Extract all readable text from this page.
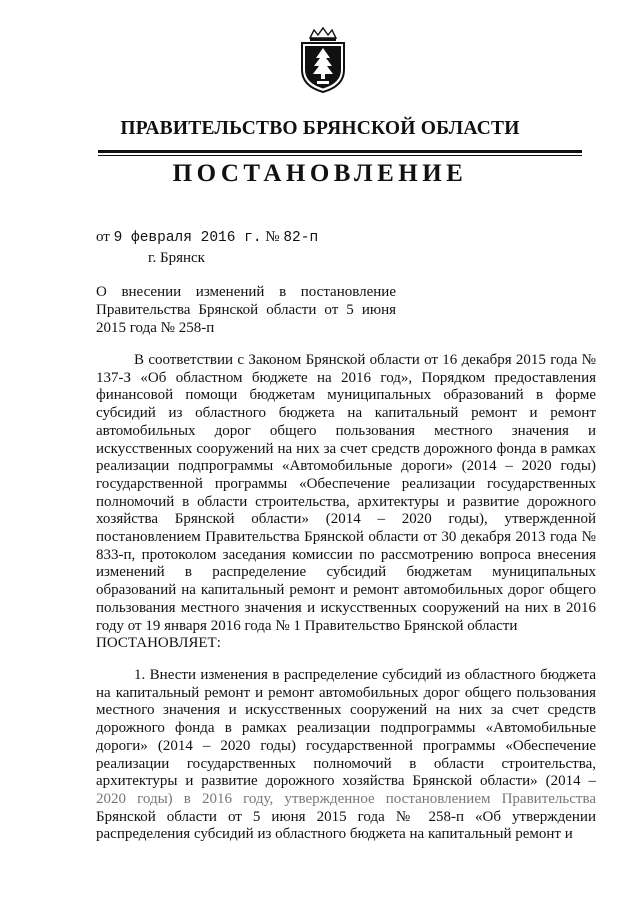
ПРАВИТЕЛЬСТВО БРЯНСКОЙ ОБЛАСТИ
ПОСТАНОВЛЕНИЕ
от 9 февраля 2016 г. № 82-п
г. Брянск
О внесении изменений в постановление Правительства Брянской области от 5 июня 2015 года № 258-п
В соответствии с Законом Брянской области от 16 декабря 2015 года № 137-З «Об областном бюджете на 2016 год», Порядком предоставления финансовой помощи бюджетам муниципальных образований в форме субсидий из областного бюджета на капитальный ремонт и ремонт автомобильных дорог общего пользования местного значения и искусственных сооружений на них за счет средств дорожного фонда в рамках реализации подпрограммы «Автомобильные дороги» (2014 – 2020 годы) государственной программы «Обеспечение реализации государственных полномочий в области строительства, архитектуры и развитие дорожного хозяйства Брянской области» (2014 – 2020 годы), утвержденной постановлением Правительства Брянской области от 30 декабря 2013 года № 833-п, протоколом заседания комиссии по рассмотрению вопроса внесения изменений в распределение субсидий бюджетам муниципальных образований на капитальный ремонт и ремонт автомобильных дорог общего пользования местного значения и искусственных сооружений на них в 2016 году от 19 января 2016 года № 1 Правительство Брянской области
ПОСТАНОВЛЯЕТ:
1. Внести изменения в распределение субсидий из областного бюджета на капитальный ремонт и ремонт автомобильных дорог общего пользования местного значения и искусственных сооружений на них за счет средств дорожного фонда в рамках реализации подпрограммы «Автомобильные дороги» (2014 – 2020 годы) государственной программы «Обеспечение реализации государственных полномочий в области строительства, архитектуры и развитие дорожного хозяйства Брянской области» (2014 – 2020 годы) в 2016 году, утвержденное постановлением Правительства Брянской области от 5 июня 2015 года № 258-п «Об утверждении распределения субсидий из областного бюджета на капитальный ремонт и
